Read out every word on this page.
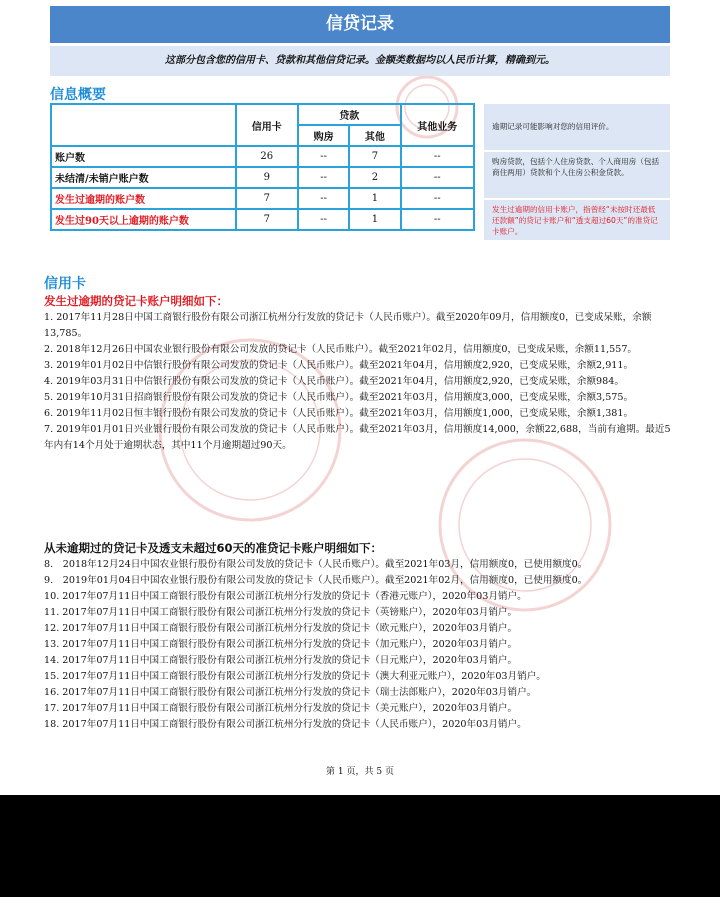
信贷记录
这部分包含您的信用卡、贷款和其他信贷记录。金额类数据均以人民币计算，精确到元。
信息概要
	信用卡	贷款		其他业务
		购房	其他	
账户数	26	--	7	--
未结清/未销户账户数	9	--	2	--
发生过逾期的账户数	7	--	1	--
发生过90天以上逾期的账户数	7	--	1	--
逾期记录可能影响对您的信用评价。
购房贷款，包括个人住房贷款、个人商用房（包括商住两用）贷款和个人住房公积金贷款。
发生过逾期的信用卡账户，指曾经“未按时还最低还款额”的贷记卡账户和“透支超过60天”的准贷记卡账户。
信用卡
发生过逾期的贷记卡账户明细如下：
1. 2017年11月28日中国工商银行股份有限公司浙江杭州分行发放的贷记卡（人民币账户）。截至2020年09月，信用额度0，已变成呆账，余额13,785。
2. 2018年12月26日中国农业银行股份有限公司发放的贷记卡（人民币账户）。截至2021年02月，信用额度0，已变成呆账，余额11,557。
3. 2019年01月02日中信银行股份有限公司发放的贷记卡（人民币账户）。截至2021年04月，信用额度2,920，已变成呆账，余额2,911。
4. 2019年03月31日中信银行股份有限公司发放的贷记卡（人民币账户）。截至2021年04月，信用额度2,920，已变成呆账，余额984。
5. 2019年10月31日招商银行股份有限公司发放的贷记卡（人民币账户）。截至2021年03月，信用额度3,000，已变成呆账，余额3,575。
6. 2019年11月02日恒丰银行股份有限公司发放的贷记卡（人民币账户）。截至2021年03月，信用额度1,000，已变成呆账，余额1,381。
7. 2019年01月01日兴业银行股份有限公司发放的贷记卡（人民币账户）。截至2021年03月，信用额度14,000，余额22,688，当前有逾期。最近5年内有14个月处于逾期状态，其中11个月逾期超过90天。
从未逾期过的贷记卡及透支未超过60天的准贷记卡账户明细如下：
8.　2018年12月24日中国农业银行股份有限公司发放的贷记卡（人民币账户）。截至2021年03月，信用额度0，已使用额度0。
9.　2019年01月04日中国农业银行股份有限公司发放的贷记卡（人民币账户）。截至2021年02月，信用额度0，已使用额度0。
10. 2017年07月11日中国工商银行股份有限公司浙江杭州分行发放的贷记卡（香港元账户），2020年03月销户。
11. 2017年07月11日中国工商银行股份有限公司浙江杭州分行发放的贷记卡（英镑账户），2020年03月销户。
12. 2017年07月11日中国工商银行股份有限公司浙江杭州分行发放的贷记卡（欧元账户），2020年03月销户。
13. 2017年07月11日中国工商银行股份有限公司浙江杭州分行发放的贷记卡（加元账户），2020年03月销户。
14. 2017年07月11日中国工商银行股份有限公司浙江杭州分行发放的贷记卡（日元账户），2020年03月销户。
15. 2017年07月11日中国工商银行股份有限公司浙江杭州分行发放的贷记卡（澳大利亚元账户），2020年03月销户。
16. 2017年07月11日中国工商银行股份有限公司浙江杭州分行发放的贷记卡（瑞士法郎账户），2020年03月销户。
17. 2017年07月11日中国工商银行股份有限公司浙江杭州分行发放的贷记卡（美元账户），2020年03月销户。
18. 2017年07月11日中国工商银行股份有限公司浙江杭州分行发放的贷记卡（人民币账户），2020年03月销户。
第 1 页，共 5 页
